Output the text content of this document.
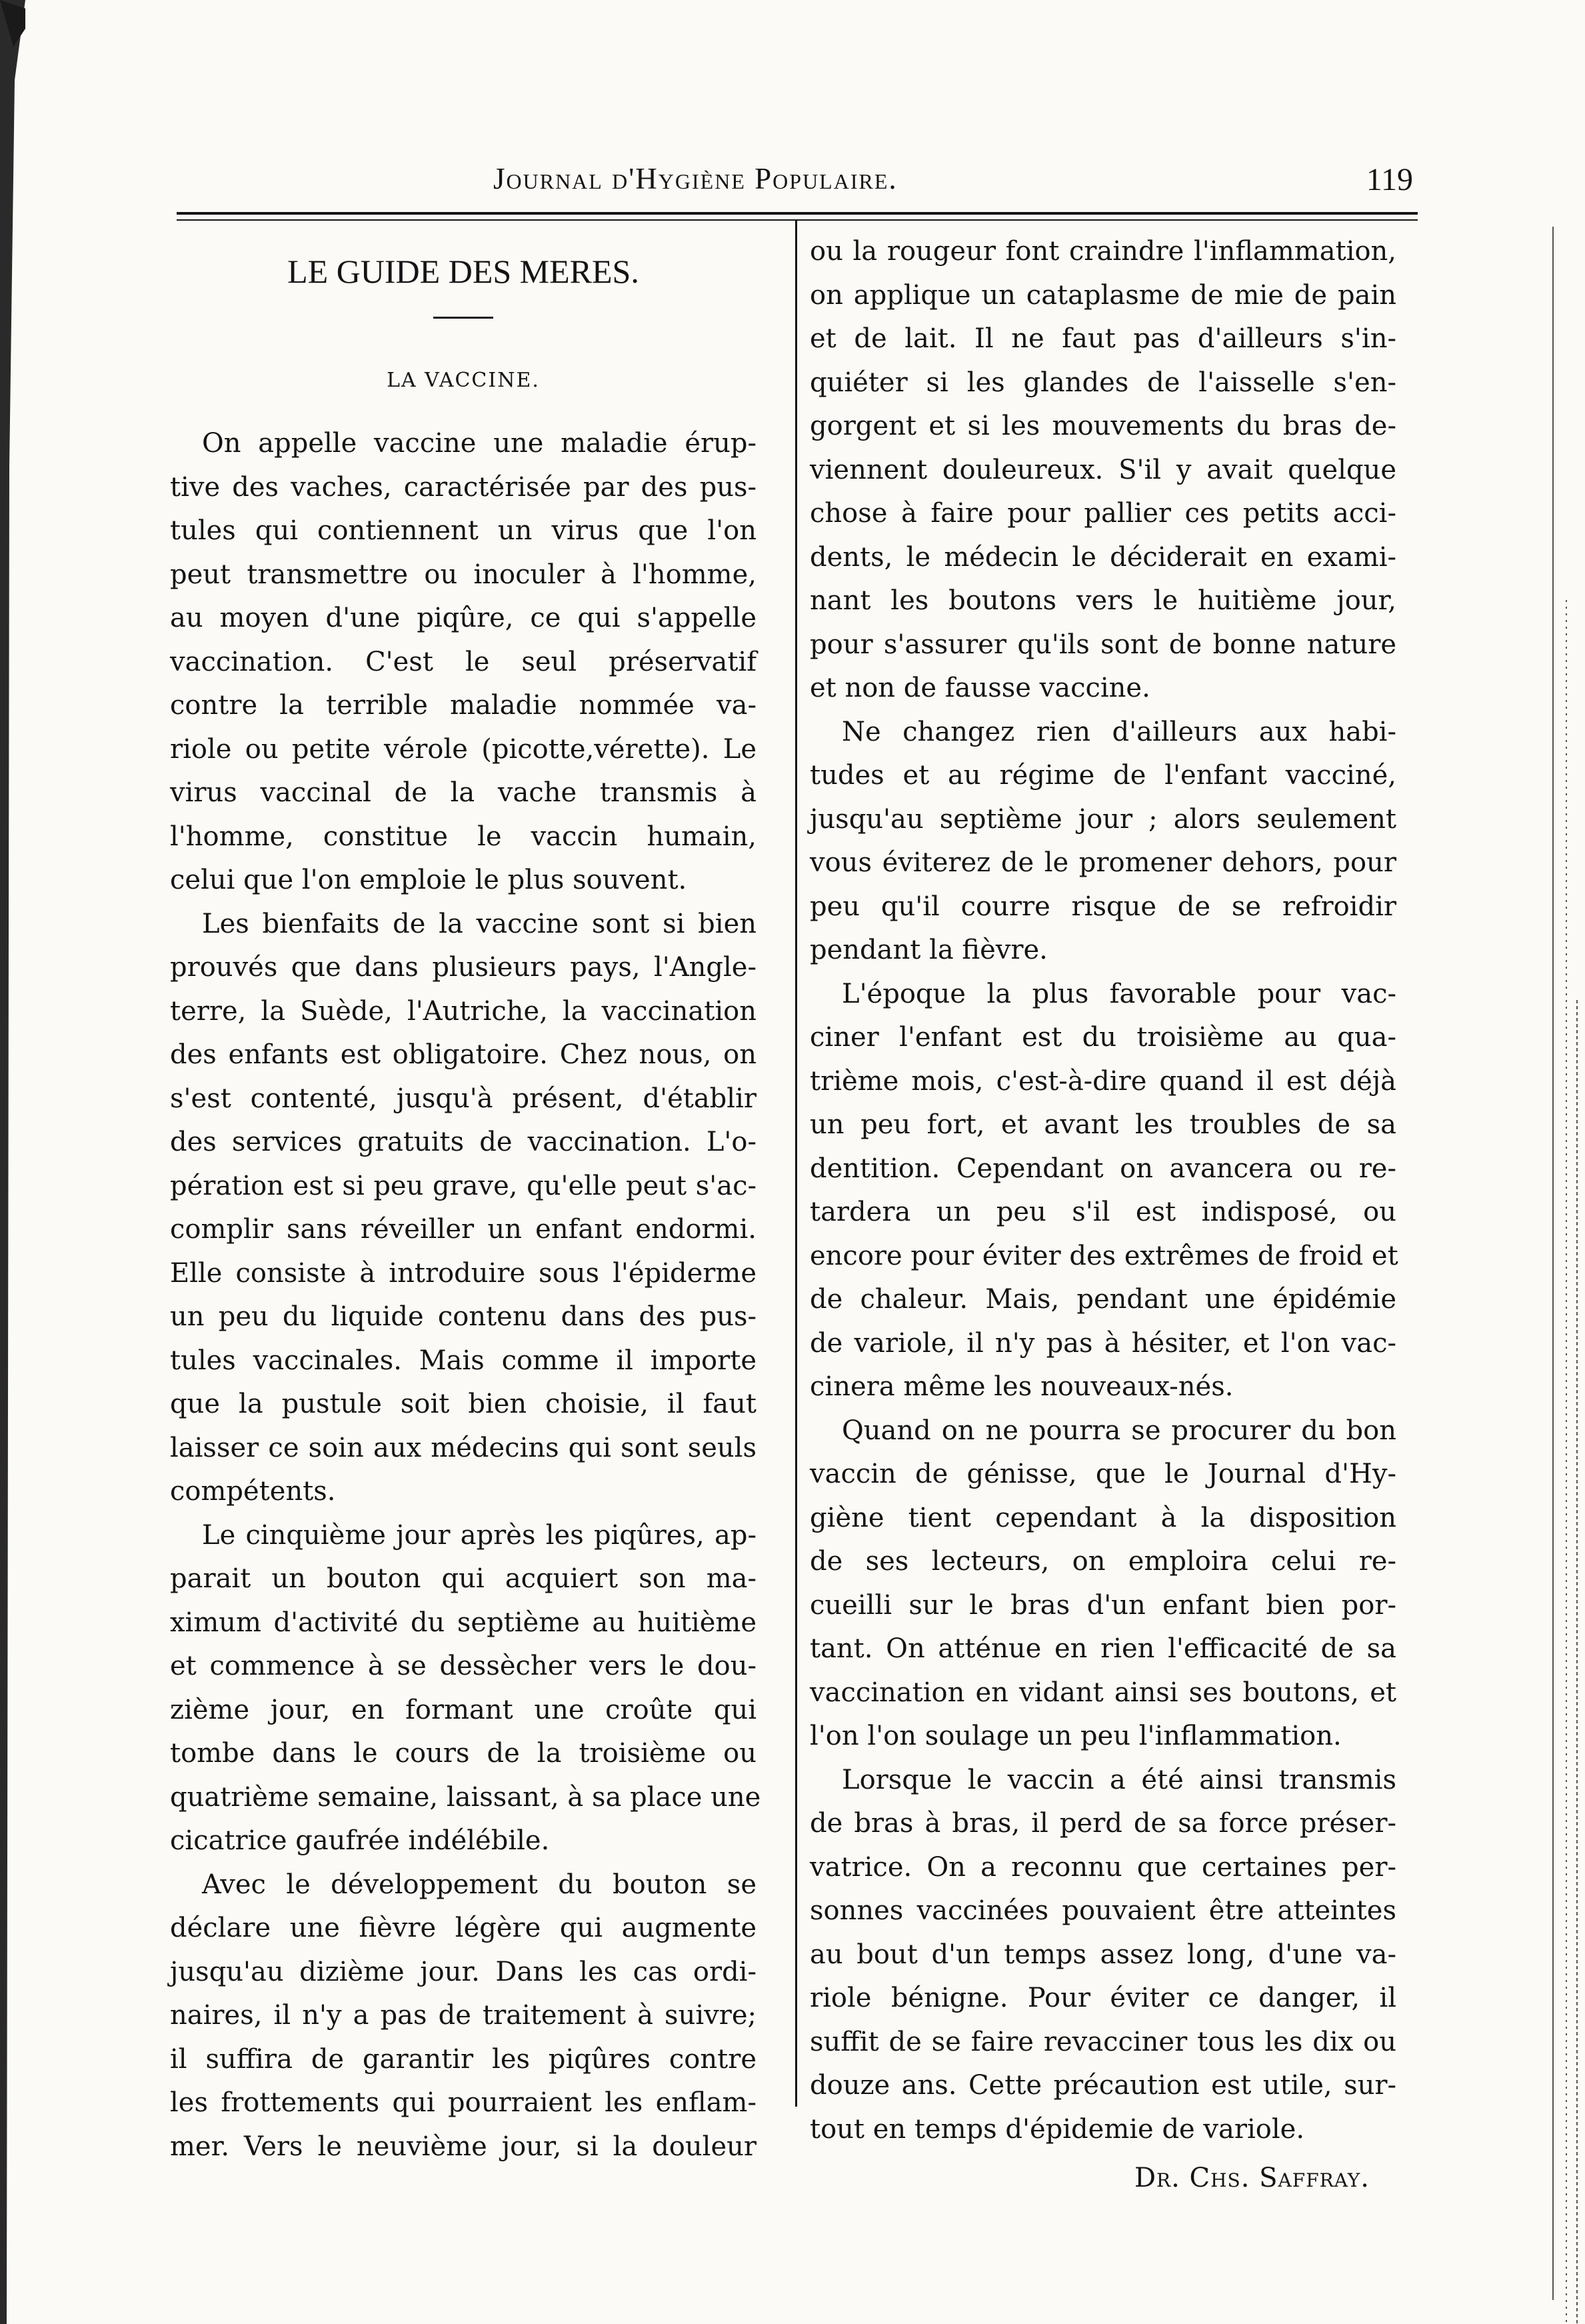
Journal d'Hygiène Populaire.	119
LE GUIDE DES MERES.
LA VACCINE.
On appelle vaccine une maladie érup-
tive des vaches, caractérisée par des pus-
tules qui contiennent un virus que l'on
peut transmettre ou inoculer à l'homme,
au moyen d'une piqûre, ce qui s'appelle
vaccination. C'est le seul préservatif
contre la terrible maladie nommée va-
riole ou petite vérole (picotte,vérette). Le
virus vaccinal de la vache transmis à
l'homme, constitue le vaccin humain,
celui que l'on emploie le plus souvent.
Les bienfaits de la vaccine sont si bien
prouvés que dans plusieurs pays, l'Angle-
terre, la Suède, l'Autriche, la vaccination
des enfants est obligatoire. Chez nous, on
s'est contenté, jusqu'à présent, d'établir
des services gratuits de vaccination. L'o-
pération est si peu grave, qu'elle peut s'ac-
complir sans réveiller un enfant endormi.
Elle consiste à introduire sous l'épiderme
un peu du liquide contenu dans des pus-
tules vaccinales. Mais comme il importe
que la pustule soit bien choisie, il faut
laisser ce soin aux médecins qui sont seuls
compétents.
Le cinquième jour après les piqûres, ap-
parait un bouton qui acquiert son ma-
ximum d'activité du septième au huitième
et commence à se dessècher vers le dou-
zième jour, en formant une croûte qui
tombe dans le cours de la troisième ou
quatrième semaine, laissant, à sa place une
cicatrice gaufrée indélébile.
Avec le développement du bouton se
déclare une fièvre légère qui augmente
jusqu'au dizième jour. Dans les cas ordi-
naires, il n'y a pas de traitement à suivre;
il suffira de garantir les piqûres contre
les frottements qui pourraient les enflam-
mer. Vers le neuvième jour, si la douleur
ou la rougeur font craindre l'inflammation,
on applique un cataplasme de mie de pain
et de lait. Il ne faut pas d'ailleurs s'in-
quiéter si les glandes de l'aisselle s'en-
gorgent et si les mouvements du bras de-
viennent douleureux. S'il y avait quelque
chose à faire pour pallier ces petits acci-
dents, le médecin le déciderait en exami-
nant les boutons vers le huitième jour,
pour s'assurer qu'ils sont de bonne nature
et non de fausse vaccine.
Ne changez rien d'ailleurs aux habi-
tudes et au régime de l'enfant vacciné,
jusqu'au septième jour ; alors seulement
vous éviterez de le promener dehors, pour
peu qu'il courre risque de se refroidir
pendant la fièvre.
L'époque la plus favorable pour vac-
ciner l'enfant est du troisième au qua-
trième mois, c'est-à-dire quand il est déjà
un peu fort, et avant les troubles de sa
dentition. Cependant on avancera ou re-
tardera un peu s'il est indisposé, ou
encore pour éviter des extrêmes de froid et
de chaleur. Mais, pendant une épidémie
de variole, il n'y pas à hésiter, et l'on vac-
cinera même les nouveaux-nés.
Quand on ne pourra se procurer du bon
vaccin de génisse, que le Journal d'Hy-
giène tient cependant à la disposition
de ses lecteurs, on emploira celui re-
cueilli sur le bras d'un enfant bien por-
tant. On atténue en rien l'efficacité de sa
vaccination en vidant ainsi ses boutons, et
l'on l'on soulage un peu l'inflammation.
Lorsque le vaccin a été ainsi transmis
de bras à bras, il perd de sa force préser-
vatrice. On a reconnu que certaines per-
sonnes vaccinées pouvaient être atteintes
au bout d'un temps assez long, d'une va-
riole bénigne. Pour éviter ce danger, il
suffit de se faire revacciner tous les dix ou
douze ans. Cette précaution est utile, sur-
tout en temps d'épidemie de variole.
Dr. Chs. Saffray.
